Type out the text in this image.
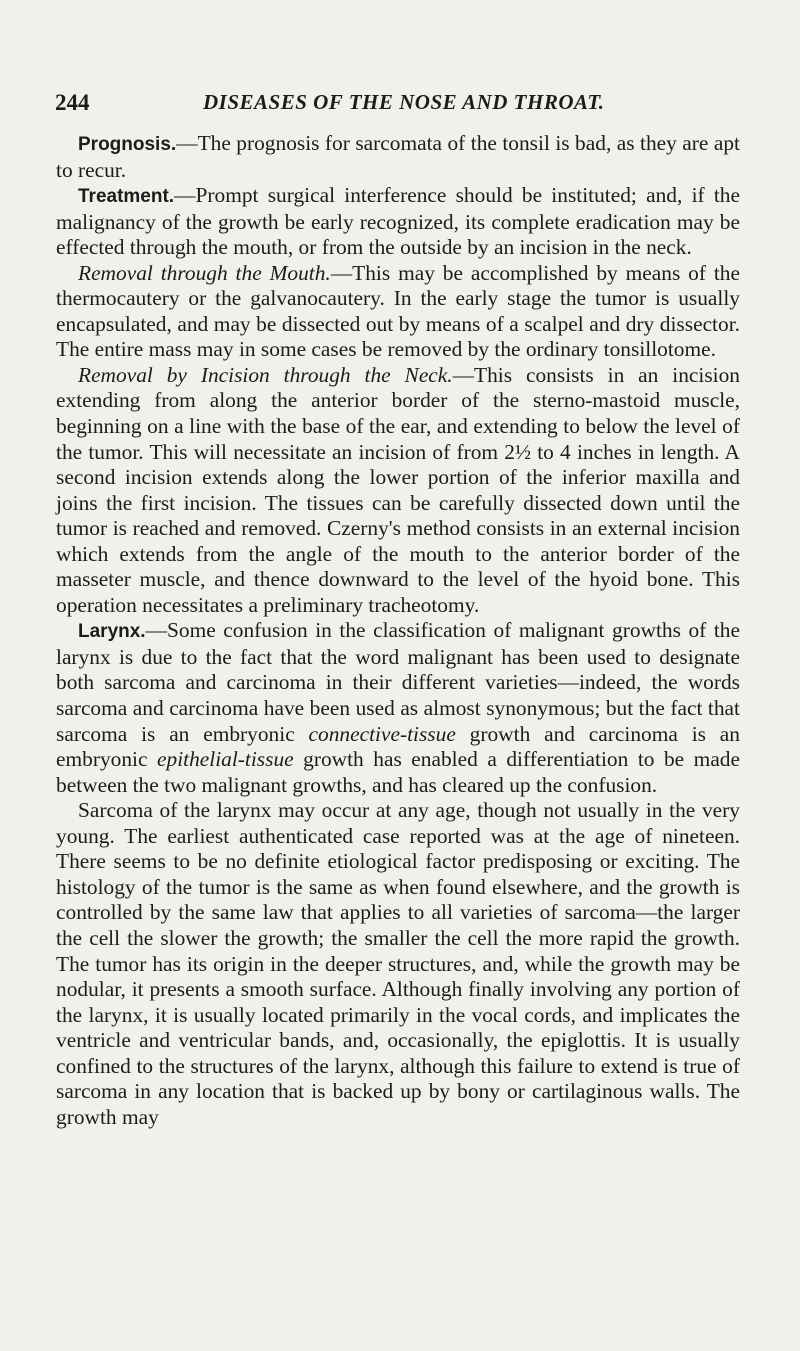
244	DISEASES OF THE NOSE AND THROAT.

Prognosis.—The prognosis for sarcomata of the tonsil is bad, as they are apt to recur.

Treatment.—Prompt surgical interference should be instituted; and, if the malignancy of the growth be early recognized, its complete eradication may be effected through the mouth, or from the outside by an incision in the neck.

Removal through the Mouth.—This may be accomplished by means of the thermocautery or the galvanocautery. In the early stage the tumor is usually encapsulated, and may be dissected out by means of a scalpel and dry dissector. The entire mass may in some cases be removed by the ordinary tonsillotome.

Removal by Incision through the Neck.—This consists in an incision extending from along the anterior border of the sterno-mastoid muscle, beginning on a line with the base of the ear, and extending to below the level of the tumor. This will necessitate an incision of from 2½ to 4 inches in length. A second incision extends along the lower portion of the inferior maxilla and joins the first incision. The tissues can be carefully dissected down until the tumor is reached and removed. Czerny's method consists in an external incision which extends from the angle of the mouth to the anterior border of the masseter muscle, and thence downward to the level of the hyoid bone. This operation necessitates a preliminary tracheotomy.

Larynx.—Some confusion in the classification of malignant growths of the larynx is due to the fact that the word malignant has been used to designate both sarcoma and carcinoma in their different varieties—indeed, the words sarcoma and carcinoma have been used as almost synonymous; but the fact that sarcoma is an embryonic connective-tissue growth and carcinoma is an embryonic epithelial-tissue growth has enabled a differentiation to be made between the two malignant growths, and has cleared up the confusion.

Sarcoma of the larynx may occur at any age, though not usually in the very young. The earliest authenticated case reported was at the age of nineteen. There seems to be no definite etiological factor predisposing or exciting. The histology of the tumor is the same as when found elsewhere, and the growth is controlled by the same law that applies to all varieties of sarcoma—the larger the cell the slower the growth; the smaller the cell the more rapid the growth. The tumor has its origin in the deeper structures, and, while the growth may be nodular, it presents a smooth surface. Although finally involving any portion of the larynx, it is usually located primarily in the vocal cords, and implicates the ventricle and ventricular bands, and, occasionally, the epiglottis. It is usually confined to the structures of the larynx, although this failure to extend is true of sarcoma in any location that is backed up by bony or cartilaginous walls. The growth may
